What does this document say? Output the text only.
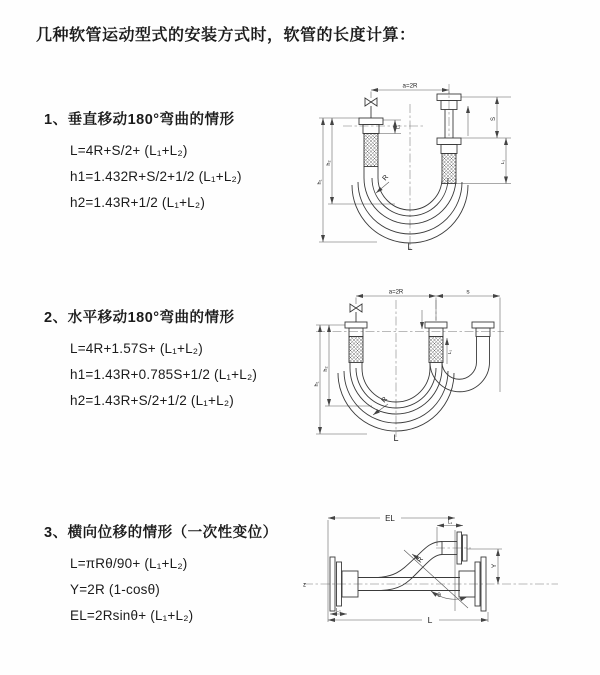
几种软管运动型式的安装方式时，软管的长度计算：
1、垂直移动180°弯曲的情形
L=4R+S/2+ (L₁+L₂)
h1=1.432R+S/2+1/2 (L₁+L₂)
h2=1.43R+1/2 (L₁+L₂)
2、水平移动180°弯曲的情形
L=4R+1.57S+ (L₁+L₂)
h1=1.43R+0.785S+1/2 (L₁+L₂)
h2=1.43R+S/2+1/2 (L₁+L₂)
3、横向位移的情形（一次性变位）
L=πRθ/90+ (L₁+L₂)
Y=2R (1-cosθ)
EL=2Rsinθ+ (L₁+L₂)
a=2R
h₁
h₂
L₁
S
L₁
R
L
a=2R	s
h₁
h₂
L₁
R
L
EL	L₁
Y
z
L₂
L
θ
R
